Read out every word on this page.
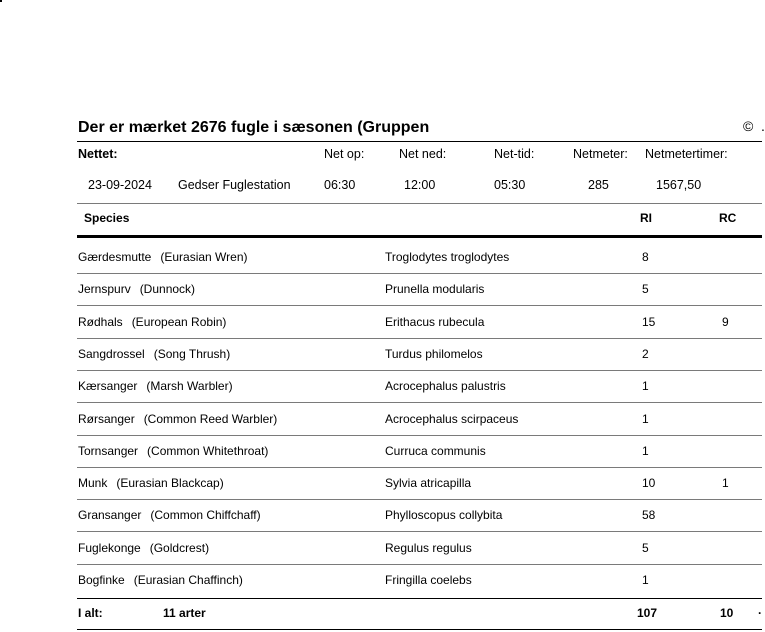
Der er mærket 2676 fugle i sæsonen (Gruppen	© .
Nettet:	Net op:	Net ned:	Net-tid:	Netmeter: Netmetertimer:
23-09-2024 Gedser Fuglestation	06:30	12:00	05:30	285	1567,50
Species	RI	RC
Gærdesmutte (Eurasian Wren)	Troglodytes troglodytes	8
Jernspurv (Dunnock)	Prunella modularis	5
Rødhals (European Robin)	Erithacus rubecula	15	9
Sangdrossel (Song Thrush)	Turdus philomelos	2
Kærsanger (Marsh Warbler)	Acrocephalus palustris	1
Rørsanger (Common Reed Warbler)	Acrocephalus scirpaceus	1
Tornsanger (Common Whitethroat)	Curruca communis	1
Munk (Eurasian Blackcap)	Sylvia atricapilla	10	1
Gransanger (Common Chiffchaff)	Phylloscopus collybita	58
Fuglekonge (Goldcrest)	Regulus regulus	5
Bogfinke (Eurasian Chaffinch)	Fringilla coelebs	1
I alt:	11 arter	107	10 ·
